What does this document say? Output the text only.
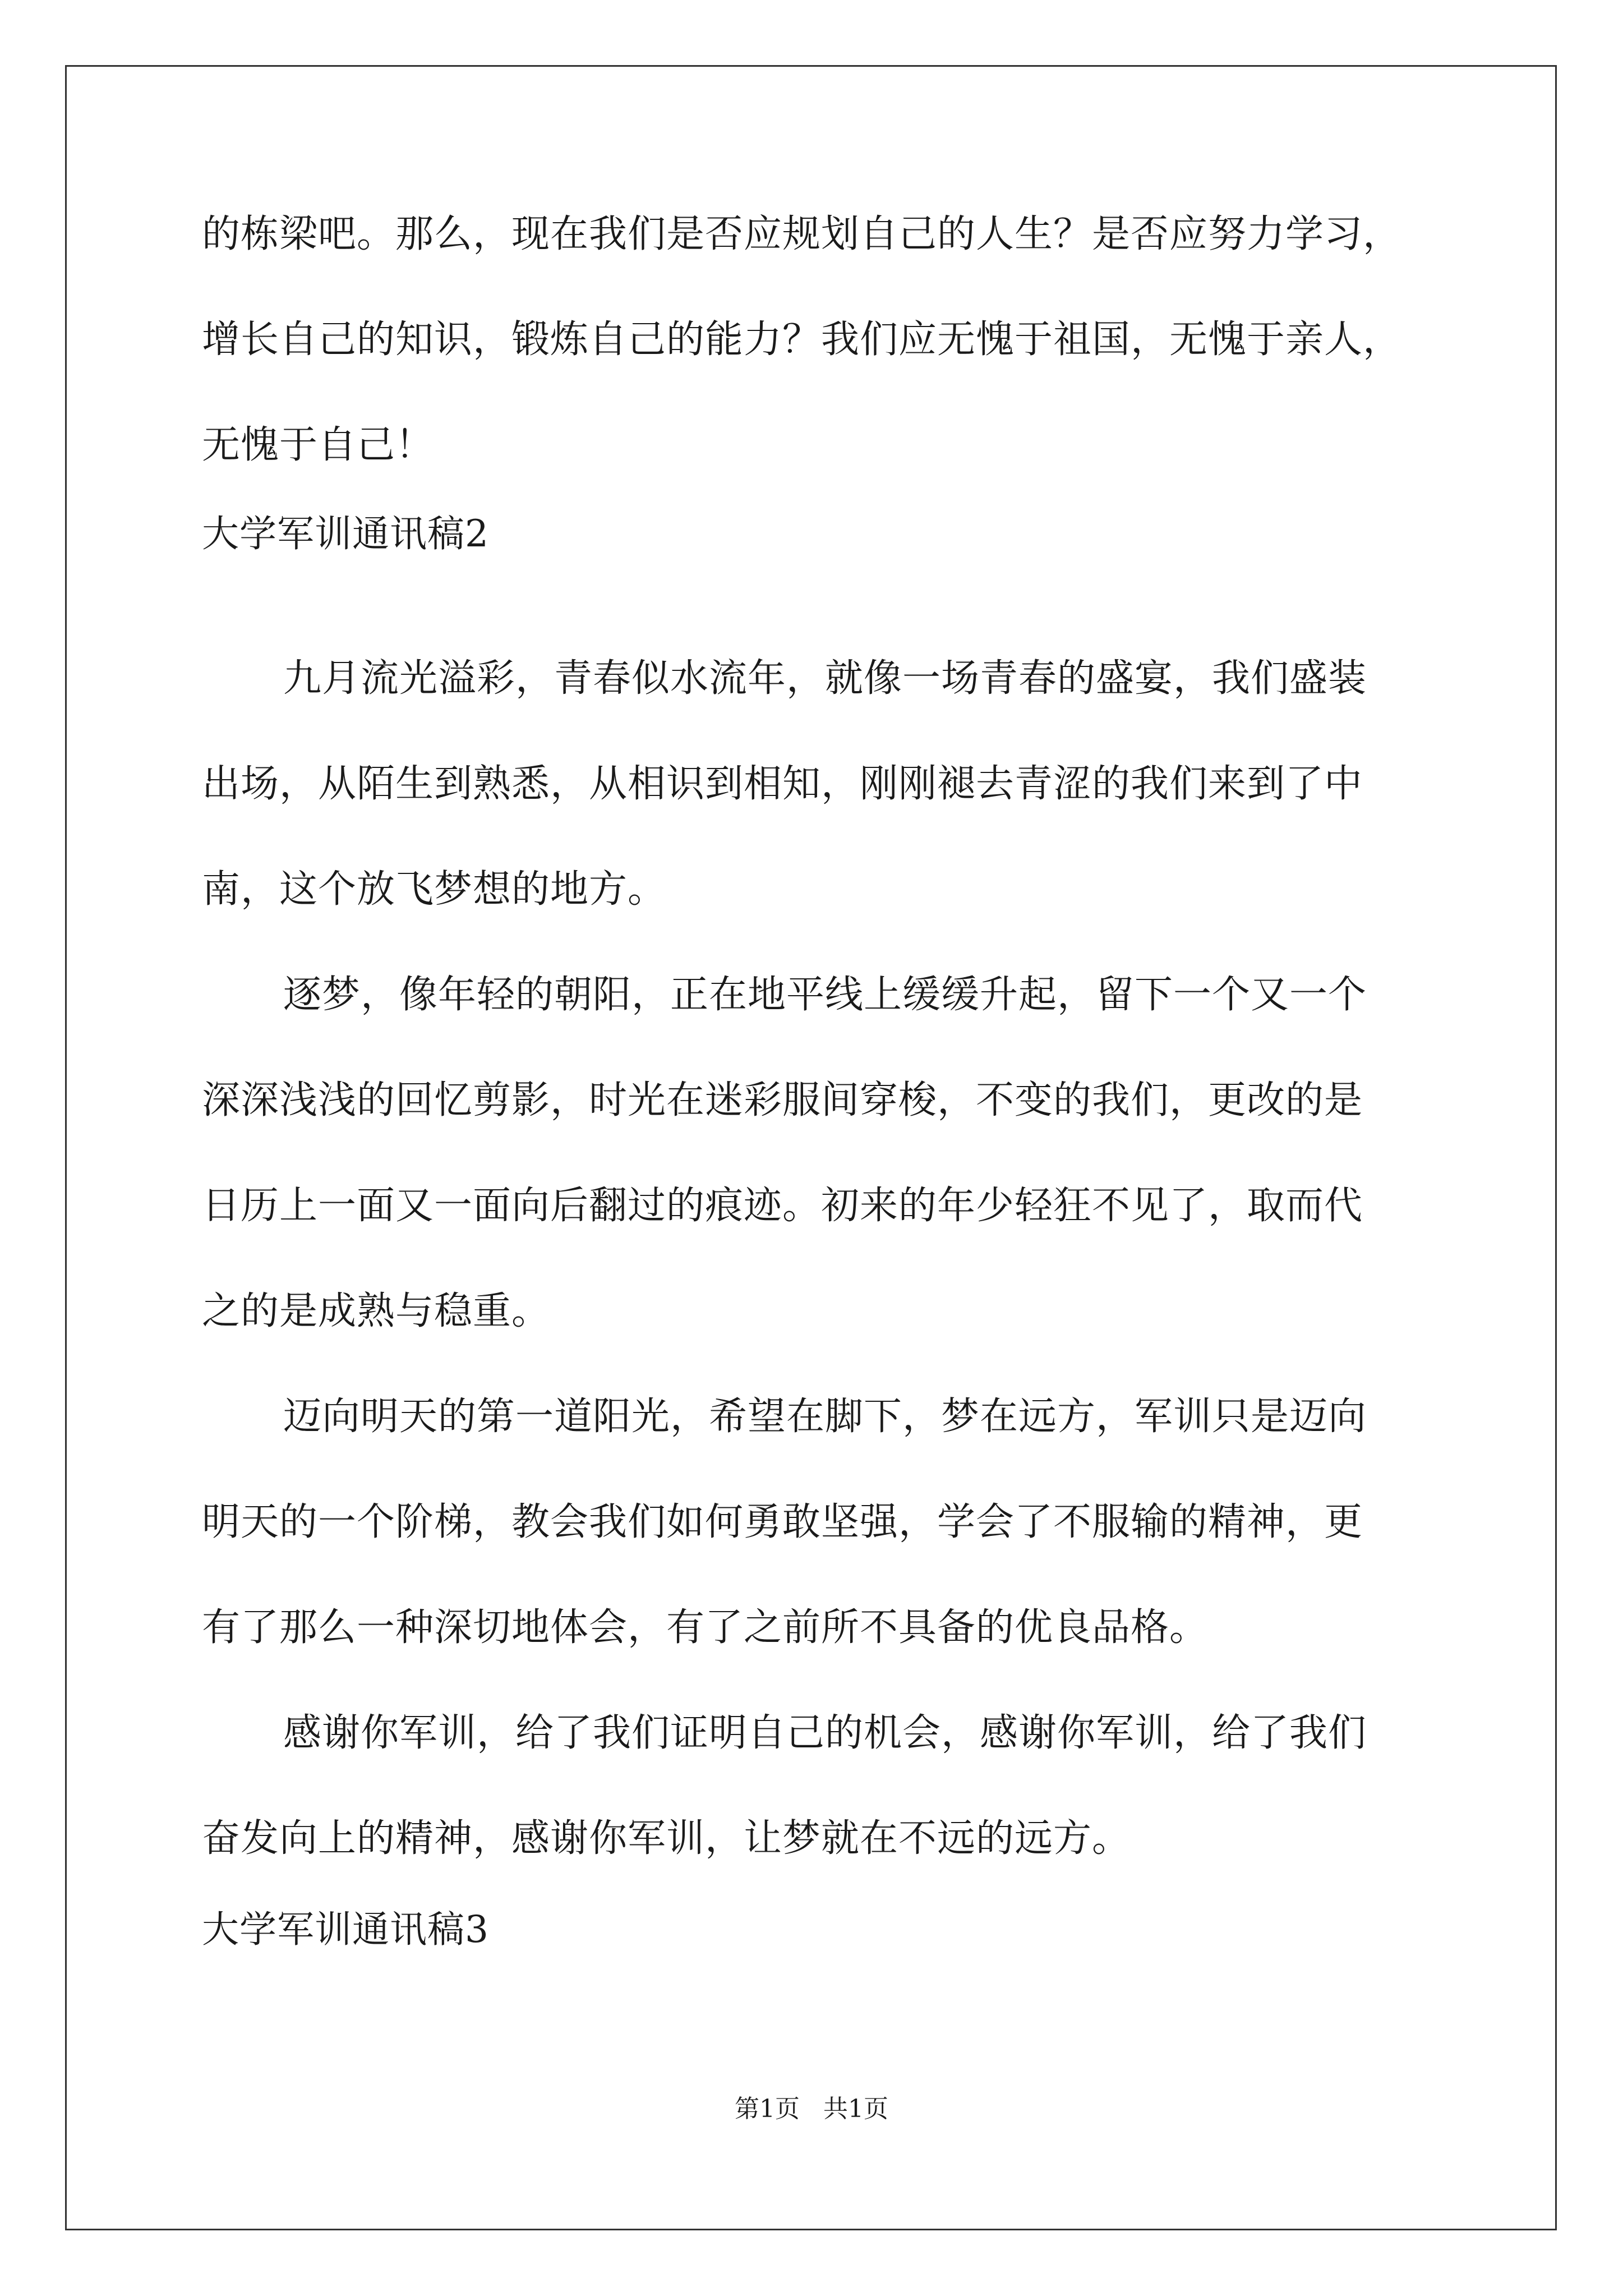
的栋梁吧。那么，现在我们是否应规划自己的人生？是否应努力学习，
增长自己的知识，锻炼自己的能力？我们应无愧于祖国，无愧于亲人，
无愧于自己！
大学军训通讯稿2
九月流光溢彩，青春似水流年，就像一场青春的盛宴，我们盛装
出场，从陌生到熟悉，从相识到相知，刚刚褪去青涩的我们来到了中
南，这个放飞梦想的地方。
逐梦，像年轻的朝阳，正在地平线上缓缓升起，留下一个又一个
深深浅浅的回忆剪影，时光在迷彩服间穿梭，不变的我们，更改的是
日历上一面又一面向后翻过的痕迹。初来的年少轻狂不见了，取而代
之的是成熟与稳重。
迈向明天的第一道阳光，希望在脚下，梦在远方，军训只是迈向
明天的一个阶梯，教会我们如何勇敢坚强，学会了不服输的精神，更
有了那么一种深切地体会，有了之前所不具备的优良品格。
感谢你军训，给了我们证明自己的机会，感谢你军训，给了我们
奋发向上的精神，感谢你军训，让梦就在不远的远方。
大学军训通讯稿3
第1页 共1页
